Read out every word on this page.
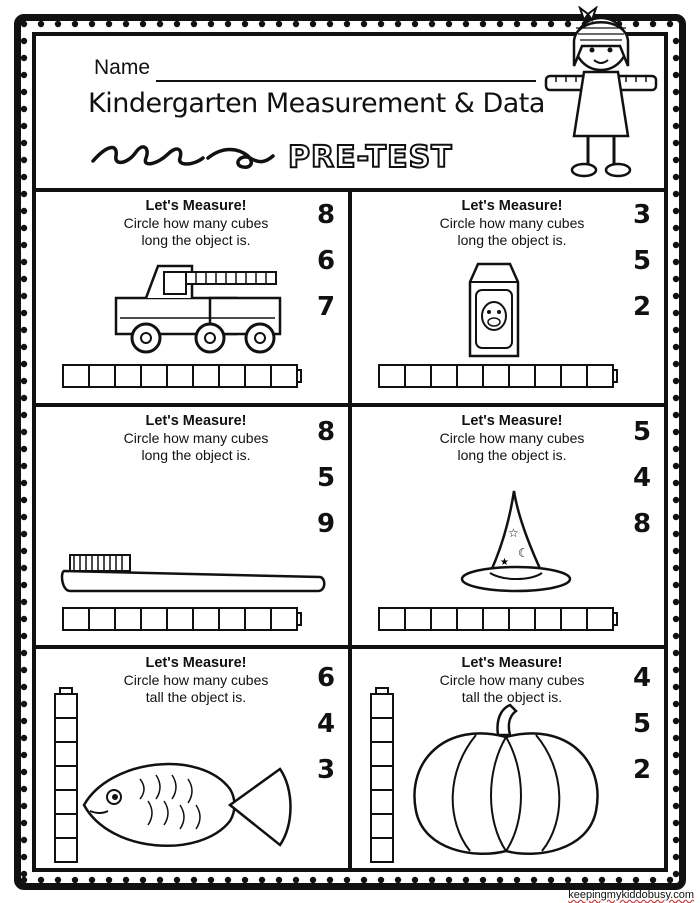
Name
Kindergarten Measurement & Data
PRE-TEST
Let's Measure!
Circle how many cubes
long the object is.
8
6
7
Let's Measure!
Circle how many cubes
long the object is.
3
5
2
Let's Measure!
Circle how many cubes
long the object is.
8
5
9
Let's Measure!
Circle how many cubes
long the object is.
5
4
8
☆
☾
★
Let's Measure!
Circle how many cubes
tall the object is.
6
4
3
Let's Measure!
Circle how many cubes
tall the object is.
4
5
2
keepingmykiddobusy.com
